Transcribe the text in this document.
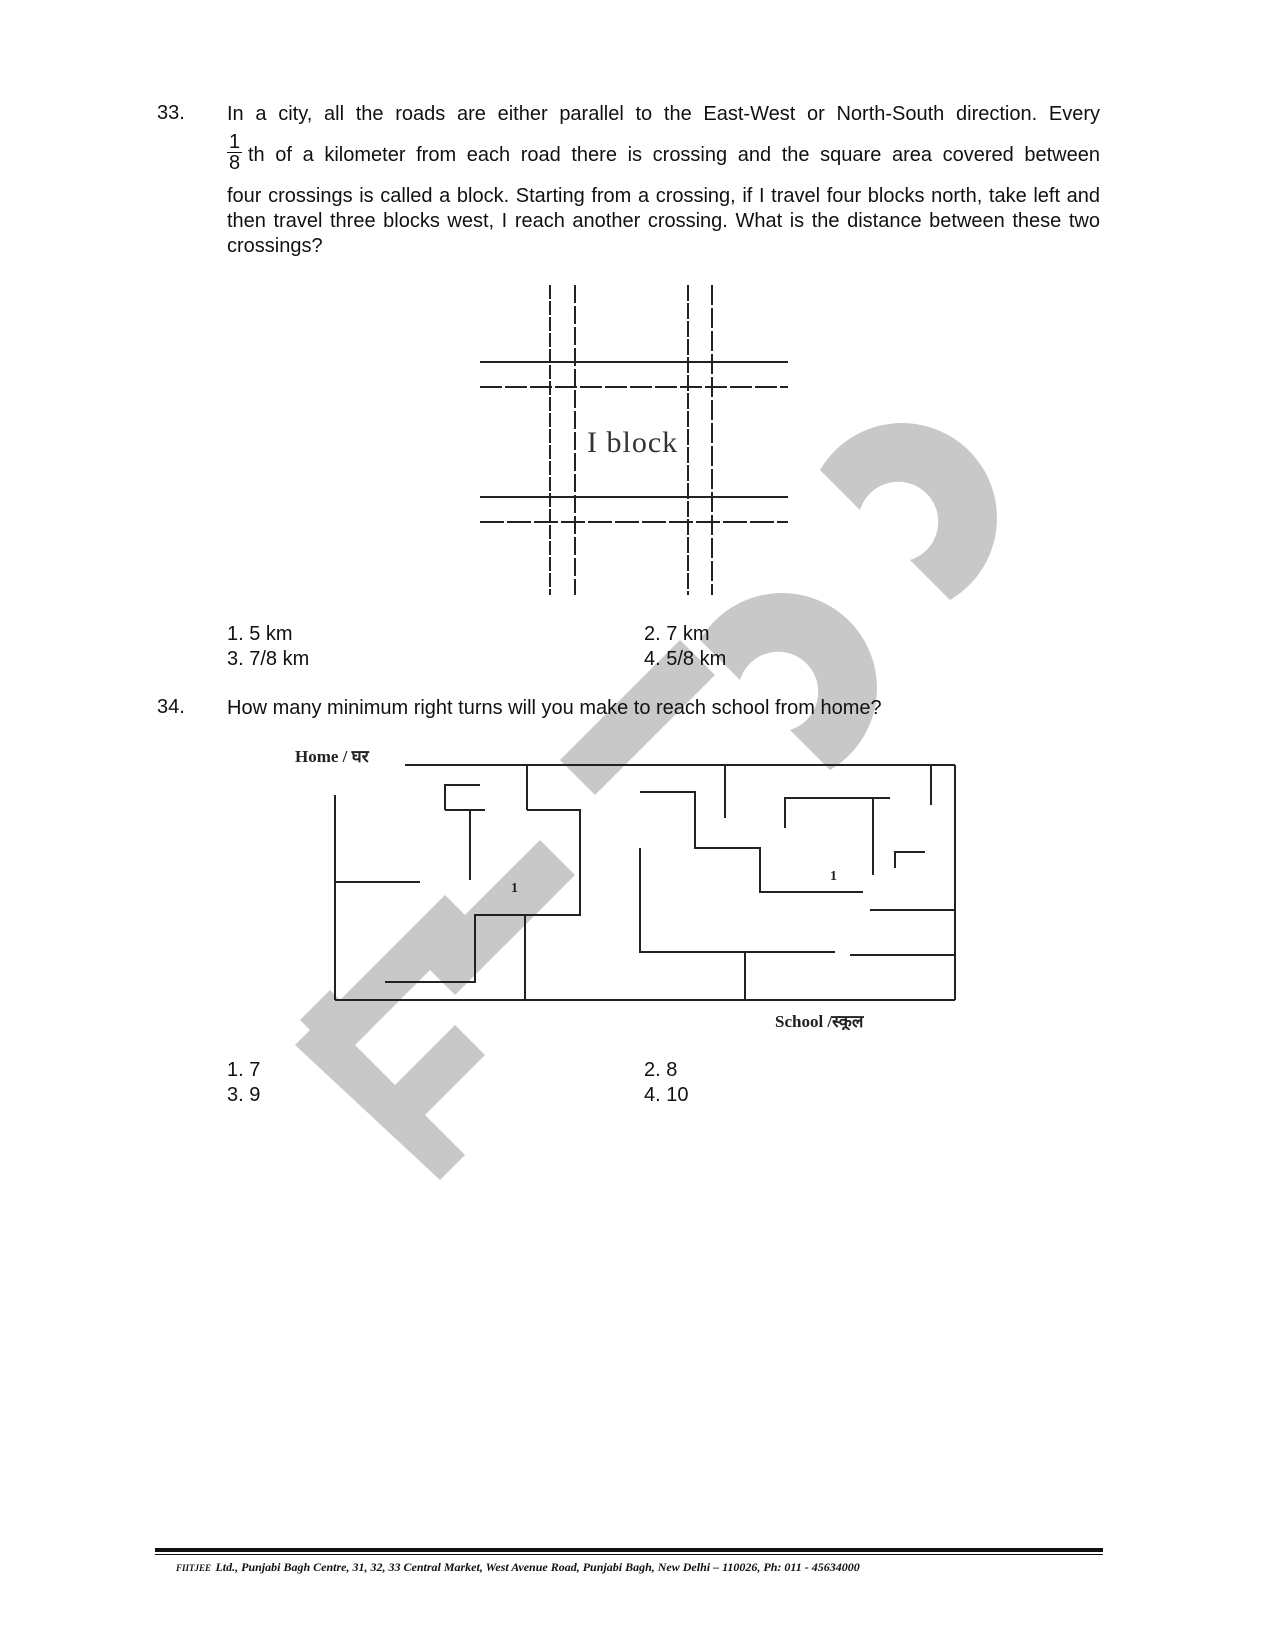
33. In a city, all the roads are either parallel to the East-West or North-South direction. Every
$\frac{1}{8}$ th of a kilometer from each road there is crossing and the square area covered between
four crossings is called a block. Starting from a crossing, if I travel four blocks north, take left and then travel three blocks west, I reach another crossing. What is the distance between these two crossings?
I block
1. 5 km	2. 7 km
3. 7/8 km	4. 5/8 km
34. How many minimum right turns will you make to reach school from home?
Home / घर
1
1
School /स्कूल
1. 7	2. 8
3. 9	4. 10
FIITJEE Ltd., Punjabi Bagh Centre, 31, 32, 33 Central Market, West Avenue Road, Punjabi Bagh, New Delhi – 110026, Ph: 011 - 45634000
